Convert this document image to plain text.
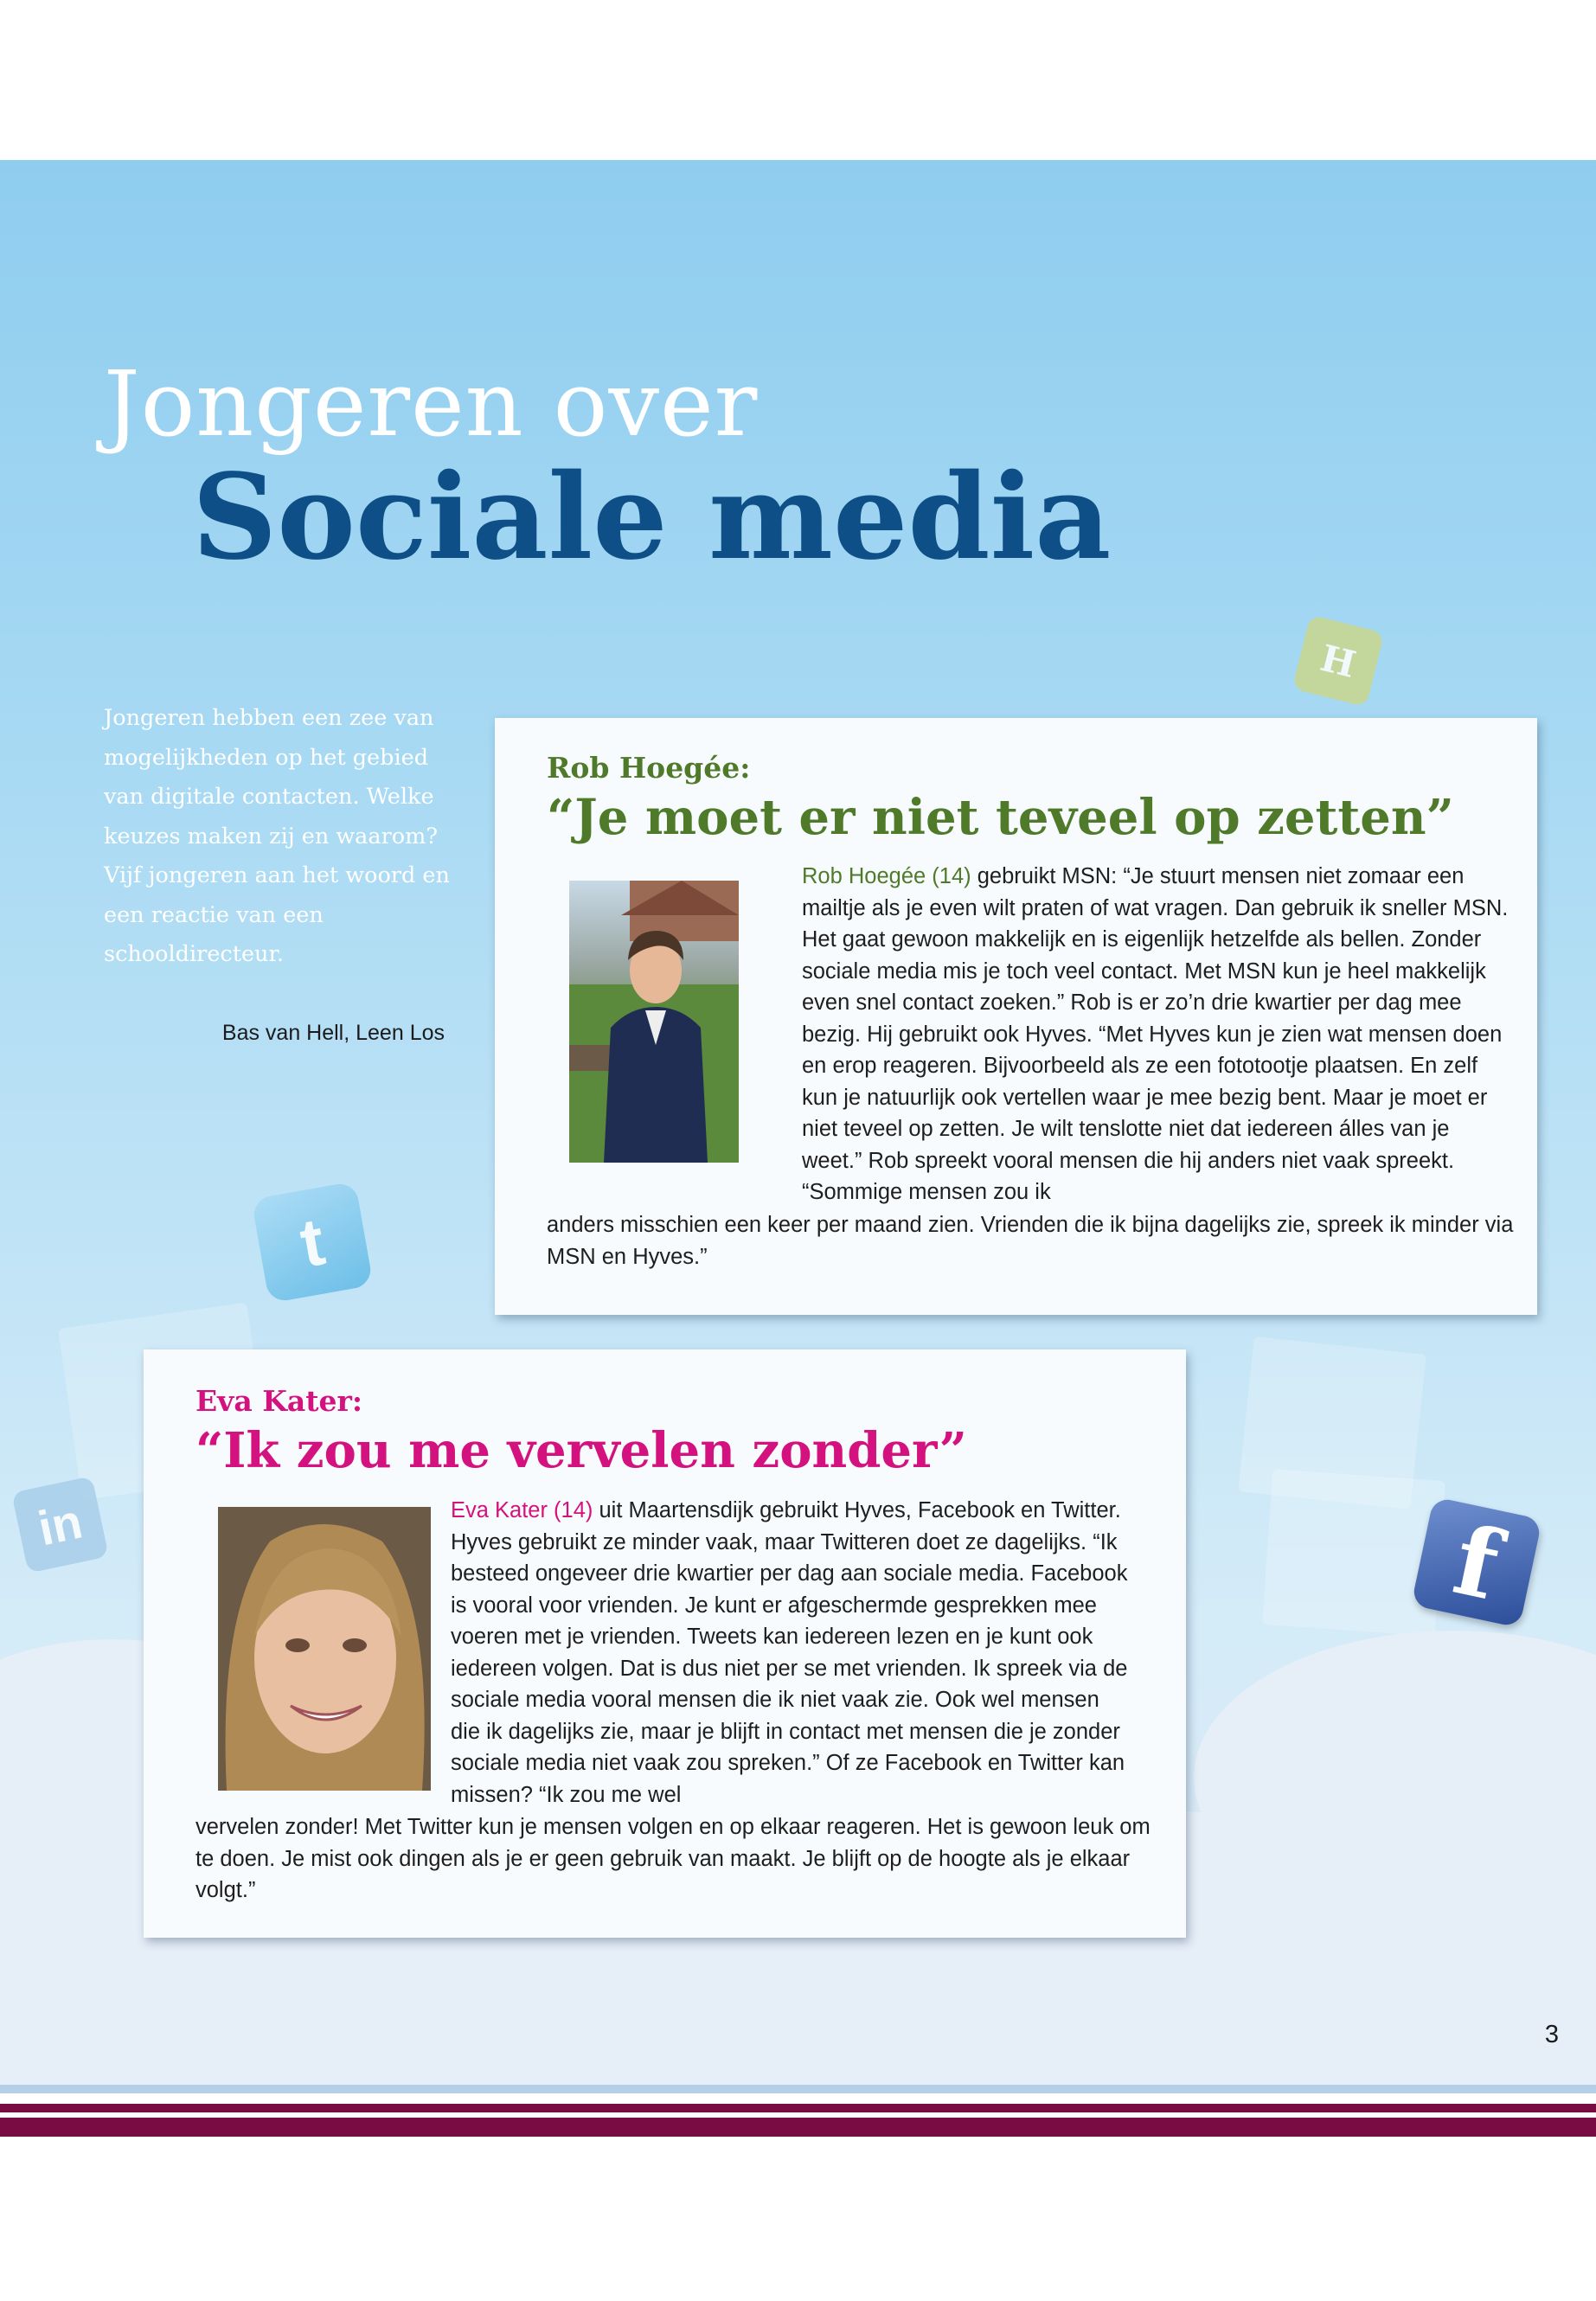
Jongeren over
Sociale media
Jongeren hebben een zee van mogelijkheden op het gebied van digitale contacten. Welke keuzes maken zij en waarom? Vijf jongeren aan het woord en een reactie van een schooldirecteur.
Bas van Hell, Leen Los
H
t
in	f
Rob Hoegée:
“Je moet er niet teveel op zetten”
Rob Hoegée (14) gebruikt MSN: “Je stuurt mensen niet zomaar een mailtje als je even wilt praten of wat vragen. Dan gebruik ik sneller MSN. Het gaat gewoon makkelijk en is eigenlijk hetzelfde als bellen. Zonder sociale media mis je toch veel contact. Met MSN kun je heel makkelijk even snel contact zoeken.” Rob is er zo’n drie kwartier per dag mee bezig. Hij gebruikt ook Hyves. “Met Hyves kun je zien wat mensen doen en erop reageren. Bijvoorbeeld als ze een fototootje plaatsen. En zelf kun je natuurlijk ook vertellen waar je mee bezig bent. Maar je moet er niet teveel op zetten. Je wilt tenslotte niet dat iedereen álles van je weet.” Rob spreekt vooral mensen die hij anders niet vaak spreekt. “Sommige mensen zou ik
anders misschien een keer per maand zien. Vrienden die ik bijna dagelijks zie, spreek ik minder via MSN en Hyves.”
Eva Kater:
“Ik zou me vervelen zonder”
Eva Kater (14) uit Maartensdijk gebruikt Hyves, Facebook en Twitter. Hyves gebruikt ze minder vaak, maar Twitteren doet ze dagelijks. “Ik besteed ongeveer drie kwartier per dag aan sociale media. Facebook is vooral voor vrienden. Je kunt er afgeschermde gesprekken mee voeren met je vrienden. Tweets kan iedereen lezen en je kunt ook iedereen volgen. Dat is dus niet per se met vrienden. Ik spreek via de sociale media vooral mensen die ik niet vaak zie. Ook wel mensen die ik dagelijks zie, maar je blijft in contact met mensen die je zonder sociale media niet vaak zou spreken.” Of ze Facebook en Twitter kan missen? “Ik zou me wel
vervelen zonder! Met Twitter kun je mensen volgen en op elkaar reageren. Het is gewoon leuk om te doen. Je mist ook dingen als je er geen gebruik van maakt. Je blijft op de hoogte als je elkaar volgt.”
3
